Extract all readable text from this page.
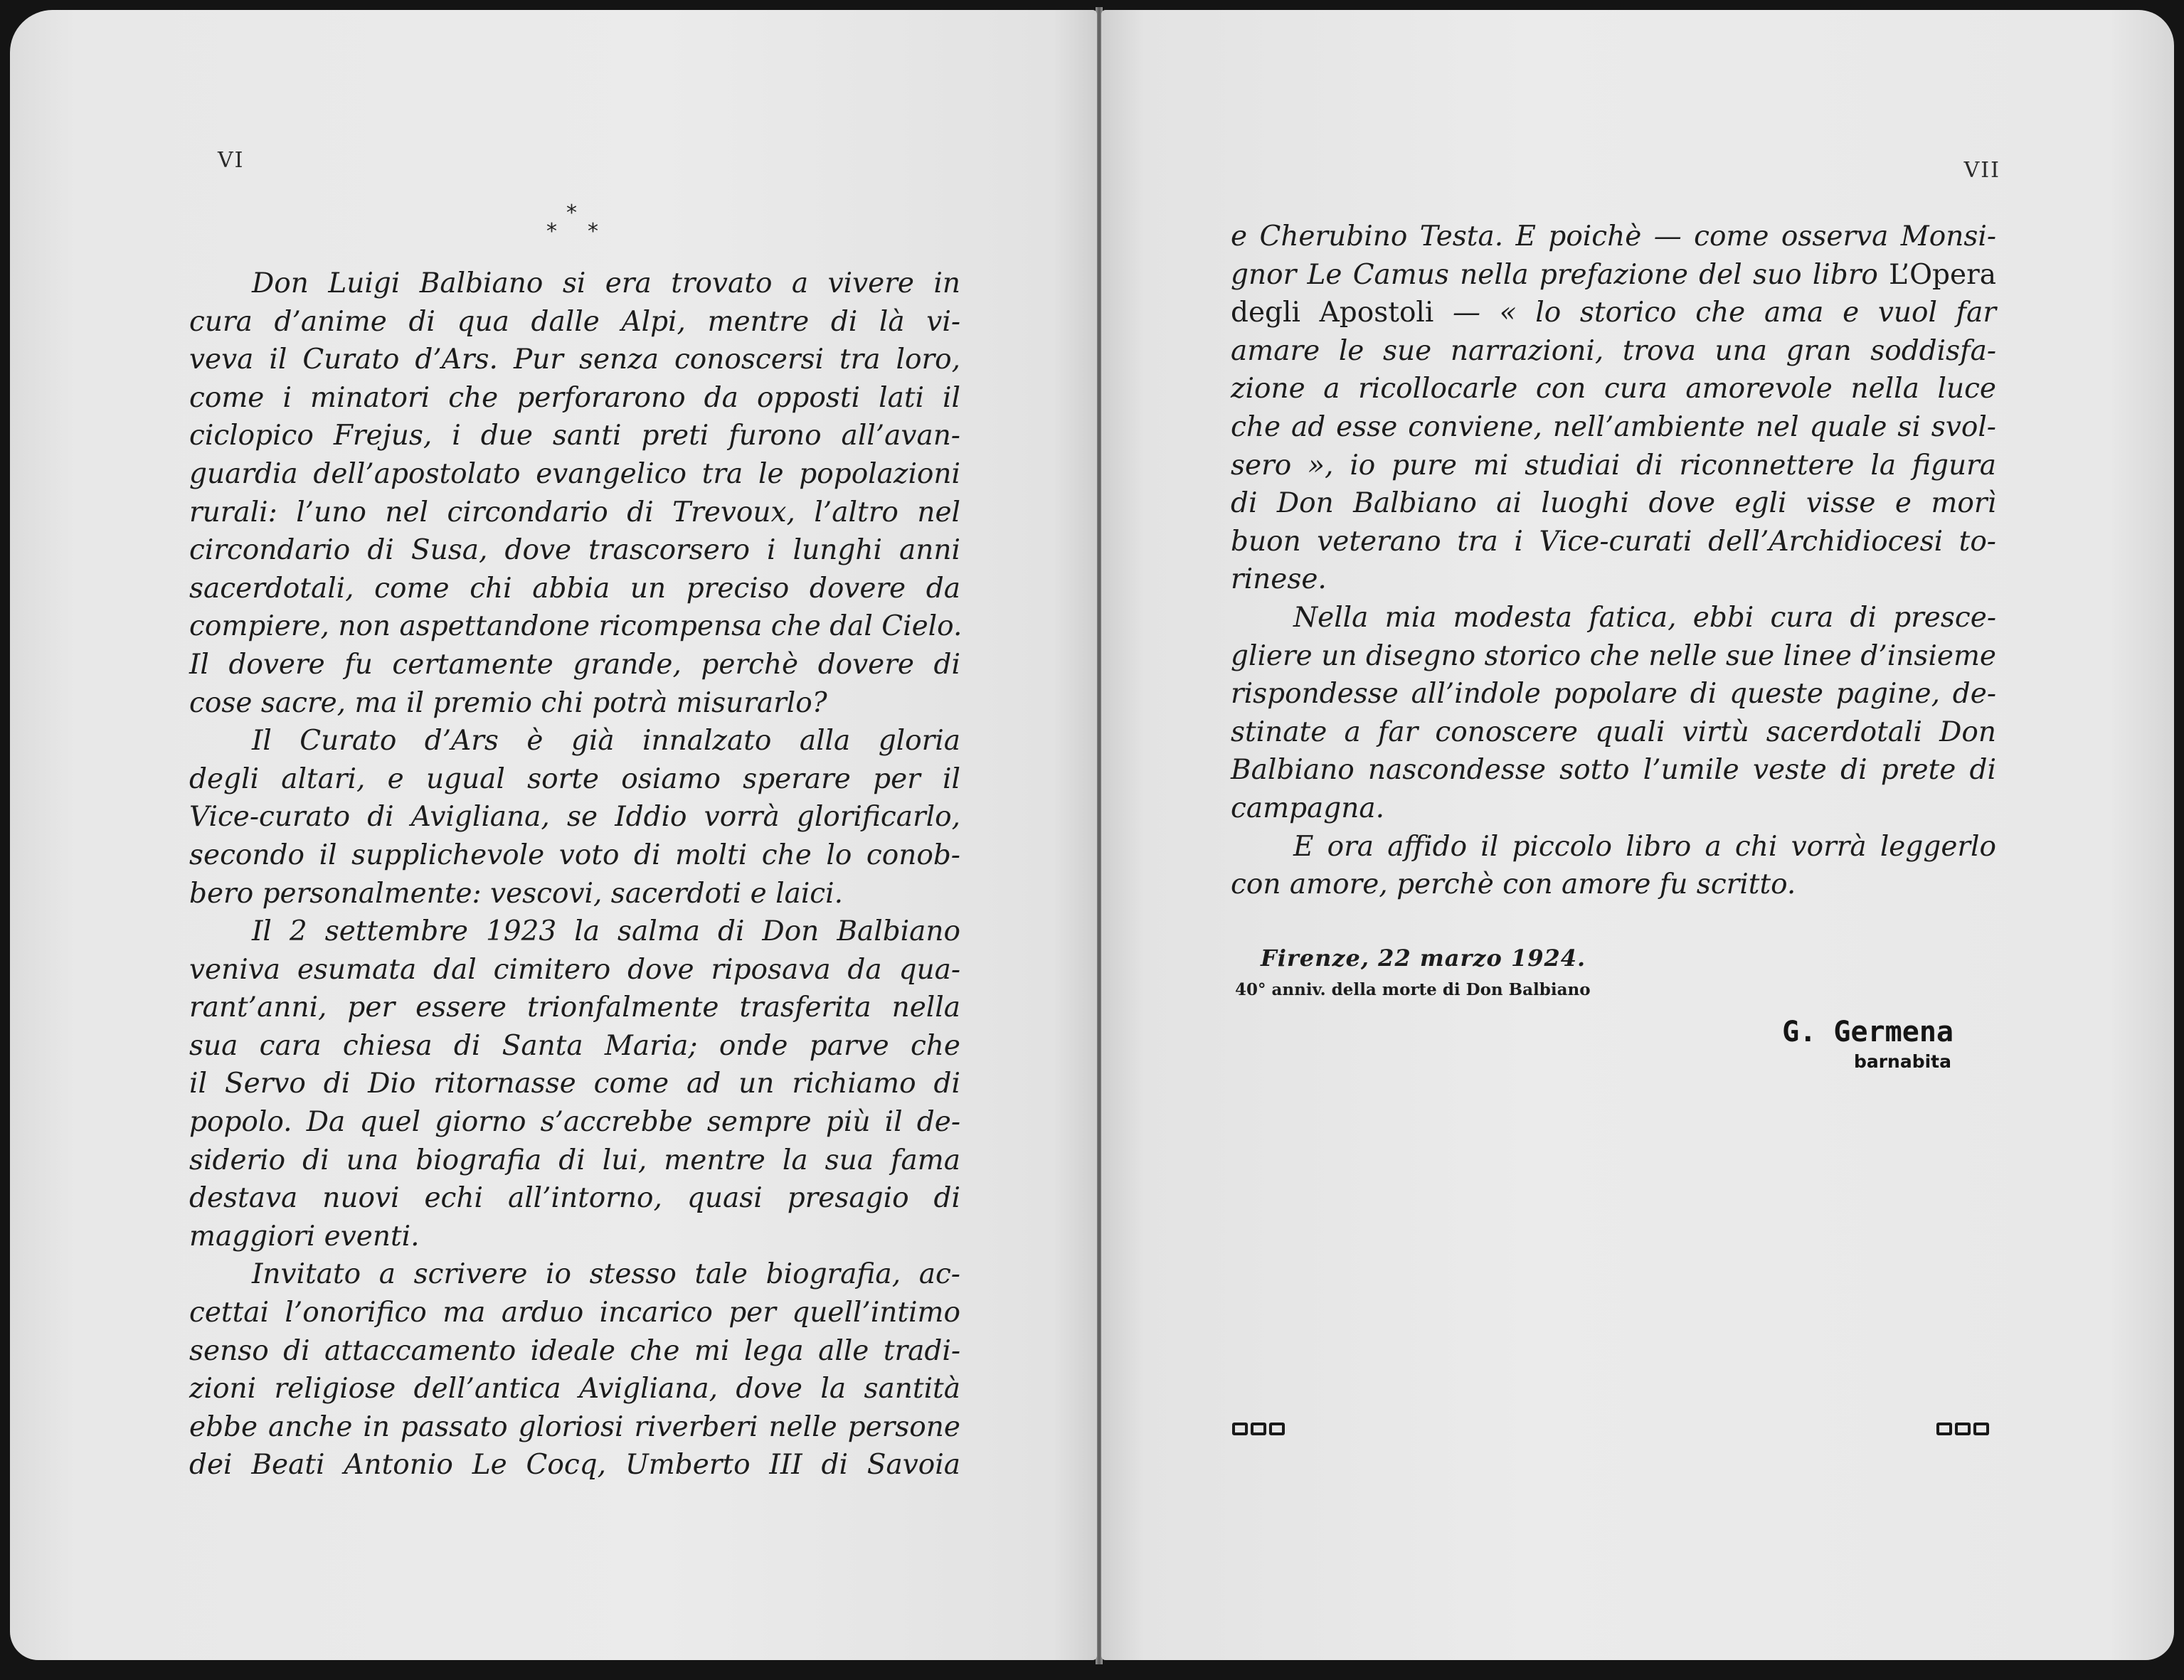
VI	VII
*
* *
Don Luigi Balbiano si era trovato a vivere in
cura d’anime di qua dalle Alpi, mentre di là vi-
veva il Curato d’Ars. Pur senza conoscersi tra loro,
come i minatori che perforarono da opposti lati il
ciclopico Frejus, i due santi preti furono all’avan-
guardia dell’apostolato evangelico tra le popolazioni
rurali: l’uno nel circondario di Trevoux, l’altro nel
circondario di Susa, dove trascorsero i lunghi anni
sacerdotali, come chi abbia un preciso dovere da
compiere, non aspettandone ricompensa che dal Cielo.
Il dovere fu certamente grande, perchè dovere di
cose sacre, ma il premio chi potrà misurarlo?
Il Curato d’Ars è già innalzato alla gloria
degli altari, e ugual sorte osiamo sperare per il
Vice-curato di Avigliana, se Iddio vorrà glorificarlo,
secondo il supplichevole voto di molti che lo conob-
bero personalmente: vescovi, sacerdoti e laici.
Il 2 settembre 1923 la salma di Don Balbiano
veniva esumata dal cimitero dove riposava da qua-
rant’anni, per essere trionfalmente trasferita nella
sua cara chiesa di Santa Maria; onde parve che
il Servo di Dio ritornasse come ad un richiamo di
popolo. Da quel giorno s’accrebbe sempre più il de-
siderio di una biografia di lui, mentre la sua fama
destava nuovi echi all’intorno, quasi presagio di
maggiori eventi.
Invitato a scrivere io stesso tale biografia, ac-
cettai l’onorifico ma arduo incarico per quell’intimo
senso di attaccamento ideale che mi lega alle tradi-
zioni religiose dell’antica Avigliana, dove la santità
ebbe anche in passato gloriosi riverberi nelle persone
dei Beati Antonio Le Cocq, Umberto III di Savoia
e Cherubino Testa. E poichè — come osserva Monsi-
gnor Le Camus nella prefazione del suo libro L’Opera
degli Apostoli — « lo storico che ama e vuol far
amare le sue narrazioni, trova una gran soddisfa-
zione a ricollocarle con cura amorevole nella luce
che ad esse conviene, nell’ambiente nel quale si svol-
sero », io pure mi studiai di riconnettere la figura
di Don Balbiano ai luoghi dove egli visse e morì
buon veterano tra i Vice-curati dell’Archidiocesi to-
rinese.
Nella mia modesta fatica, ebbi cura di presce-
gliere un disegno storico che nelle sue linee d’insieme
rispondesse all’indole popolare di queste pagine, de-
stinate a far conoscere quali virtù sacerdotali Don
Balbiano nascondesse sotto l’umile veste di prete di
campagna.
E ora affido il piccolo libro a chi vorrà leggerlo
con amore, perchè con amore fu scritto.
Firenze, 22 marzo 1924.
40° anniv. della morte di Don Balbiano
G. Germena
barnabita
